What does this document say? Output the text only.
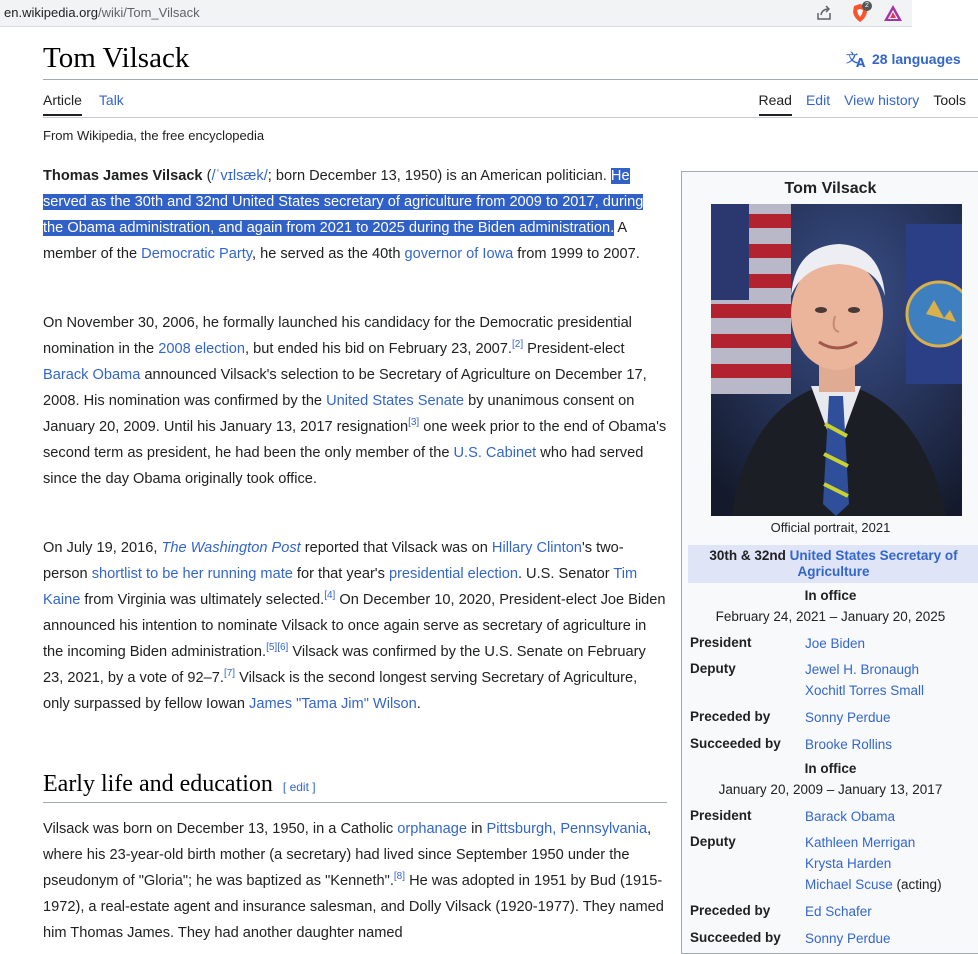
en.wikipedia.org/wiki/Tom_Vilsack	2
Tom Vilsack	文
A 28 languages
Article Talk	Read Edit View history Tools
From Wikipedia, the free encyclopedia

Thomas James Vilsack (/ˈvɪlsæk/; born December 13, 1950) is an American politician. He served as the 30th and 32nd United States secretary of agriculture from 2009 to 2017, during the Obama administration, and again from 2021 to 2025 during the Biden administration. A member of the Democratic Party, he served as the 40th governor of Iowa from 1999 to 2007.

On November 30, 2006, he formally launched his candidacy for the Democratic presidential nomination in the 2008 election, but ended his bid on February 23, 2007.[2] President-elect Barack Obama announced Vilsack's selection to be Secretary of Agriculture on December 17, 2008. His nomination was confirmed by the United States Senate by unanimous consent on January 20, 2009. Until his January 13, 2017 resignation[3] one week prior to the end of Obama's second term as president, he had been the only member of the U.S. Cabinet who had served since the day Obama originally took office.

On July 19, 2016, The Washington Post reported that Vilsack was on Hillary Clinton's two-person shortlist to be her running mate for that year's presidential election. U.S. Senator Tim Kaine from Virginia was ultimately selected.[4] On December 10, 2020, President-elect Joe Biden announced his intention to nominate Vilsack to once again serve as secretary of agriculture in the incoming Biden administration.[5][6] Vilsack was confirmed by the U.S. Senate on February 23, 2021, by a vote of 92–7.[7] Vilsack is the second longest serving Secretary of Agriculture, only surpassed by fellow Iowan James "Tama Jim" Wilson.

Early life and education [ edit ]

Vilsack was born on December 13, 1950, in a Catholic orphanage in Pittsburgh, Pennsylvania, where his 23-year-old birth mother (a secretary) had lived since September 1950 under the pseudonym of "Gloria"; he was baptized as "Kenneth".[8] He was adopted in 1951 by Bud (1915-1972), a real-estate agent and insurance salesman, and Dolly Vilsack (1920-1977). They named him Thomas James. They had another daughter named

Tom Vilsack
Official portrait, 2021
30th & 32nd United States Secretary of Agriculture
In office
February 24, 2021 – January 20, 2025
President	Joe Biden
Deputy	Jewel H. Bronaugh
Xochitl Torres Small
Preceded by	Sonny Perdue
Succeeded by Brooke Rollins
In office
January 20, 2009 – January 13, 2017
President	Barack Obama
Deputy	Kathleen Merrigan
Krysta Harden
Michael Scuse (acting)
Preceded by	Ed Schafer
Succeeded by Sonny Perdue
